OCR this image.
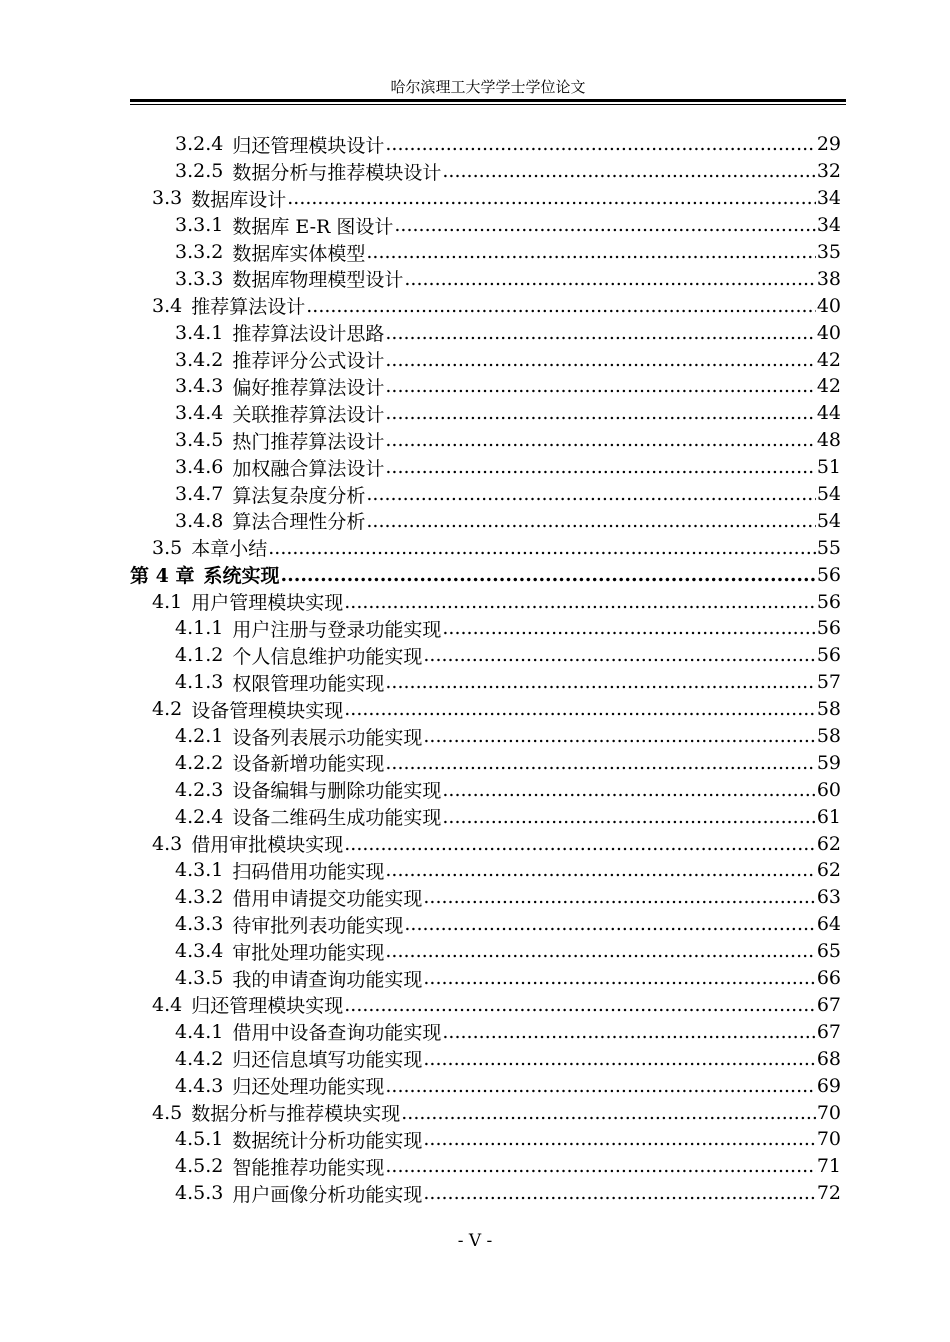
哈尔滨理工大学学士学位论文
3.2.4 归还管理模块设计 .....	29
3.2.5 数据分析与推荐模块设计 .....	32
3.3 数据库设计 .....	34
3.3.1 数据库 E-R 图设计 .....	34
3.3.2 数据库实体模型 .....	35
3.3.3 数据库物理模型设计 .....	38
3.4 推荐算法设计 .....	40
3.4.1 推荐算法设计思路 .....	40
3.4.2 推荐评分公式设计 .....	42
3.4.3 偏好推荐算法设计 .....	42
3.4.4 关联推荐算法设计 .....	44
3.4.5 热门推荐算法设计 .....	48
3.4.6 加权融合算法设计 .....	51
3.4.7 算法复杂度分析 .....	54
3.4.8 算法合理性分析 .....	54
3.5 本章小结 .....	55
第 4 章 系统实现 .....	56
4.1 用户管理模块实现 .....	56
4.1.1 用户注册与登录功能实现 .....	56
4.1.2 个人信息维护功能实现 .....	56
4.1.3 权限管理功能实现 .....	57
4.2 设备管理模块实现 .....	58
4.2.1 设备列表展示功能实现 .....	58
4.2.2 设备新增功能实现 .....	59
4.2.3 设备编辑与删除功能实现 .....	60
4.2.4 设备二维码生成功能实现 .....	61
4.3 借用审批模块实现 .....	62
4.3.1 扫码借用功能实现 .....	62
4.3.2 借用申请提交功能实现 .....	63
4.3.3 待审批列表功能实现 .....	64
4.3.4 审批处理功能实现 .....	65
4.3.5 我的申请查询功能实现 .....	66
4.4 归还管理模块实现 .....	67
4.4.1 借用中设备查询功能实现 .....	67
4.4.2 归还信息填写功能实现 .....	68
4.4.3 归还处理功能实现 .....	69
4.5 数据分析与推荐模块实现 .....	70
4.5.1 数据统计分析功能实现 .....	70
4.5.2 智能推荐功能实现 .....	71
4.5.3 用户画像分析功能实现 .....	72
- V -
